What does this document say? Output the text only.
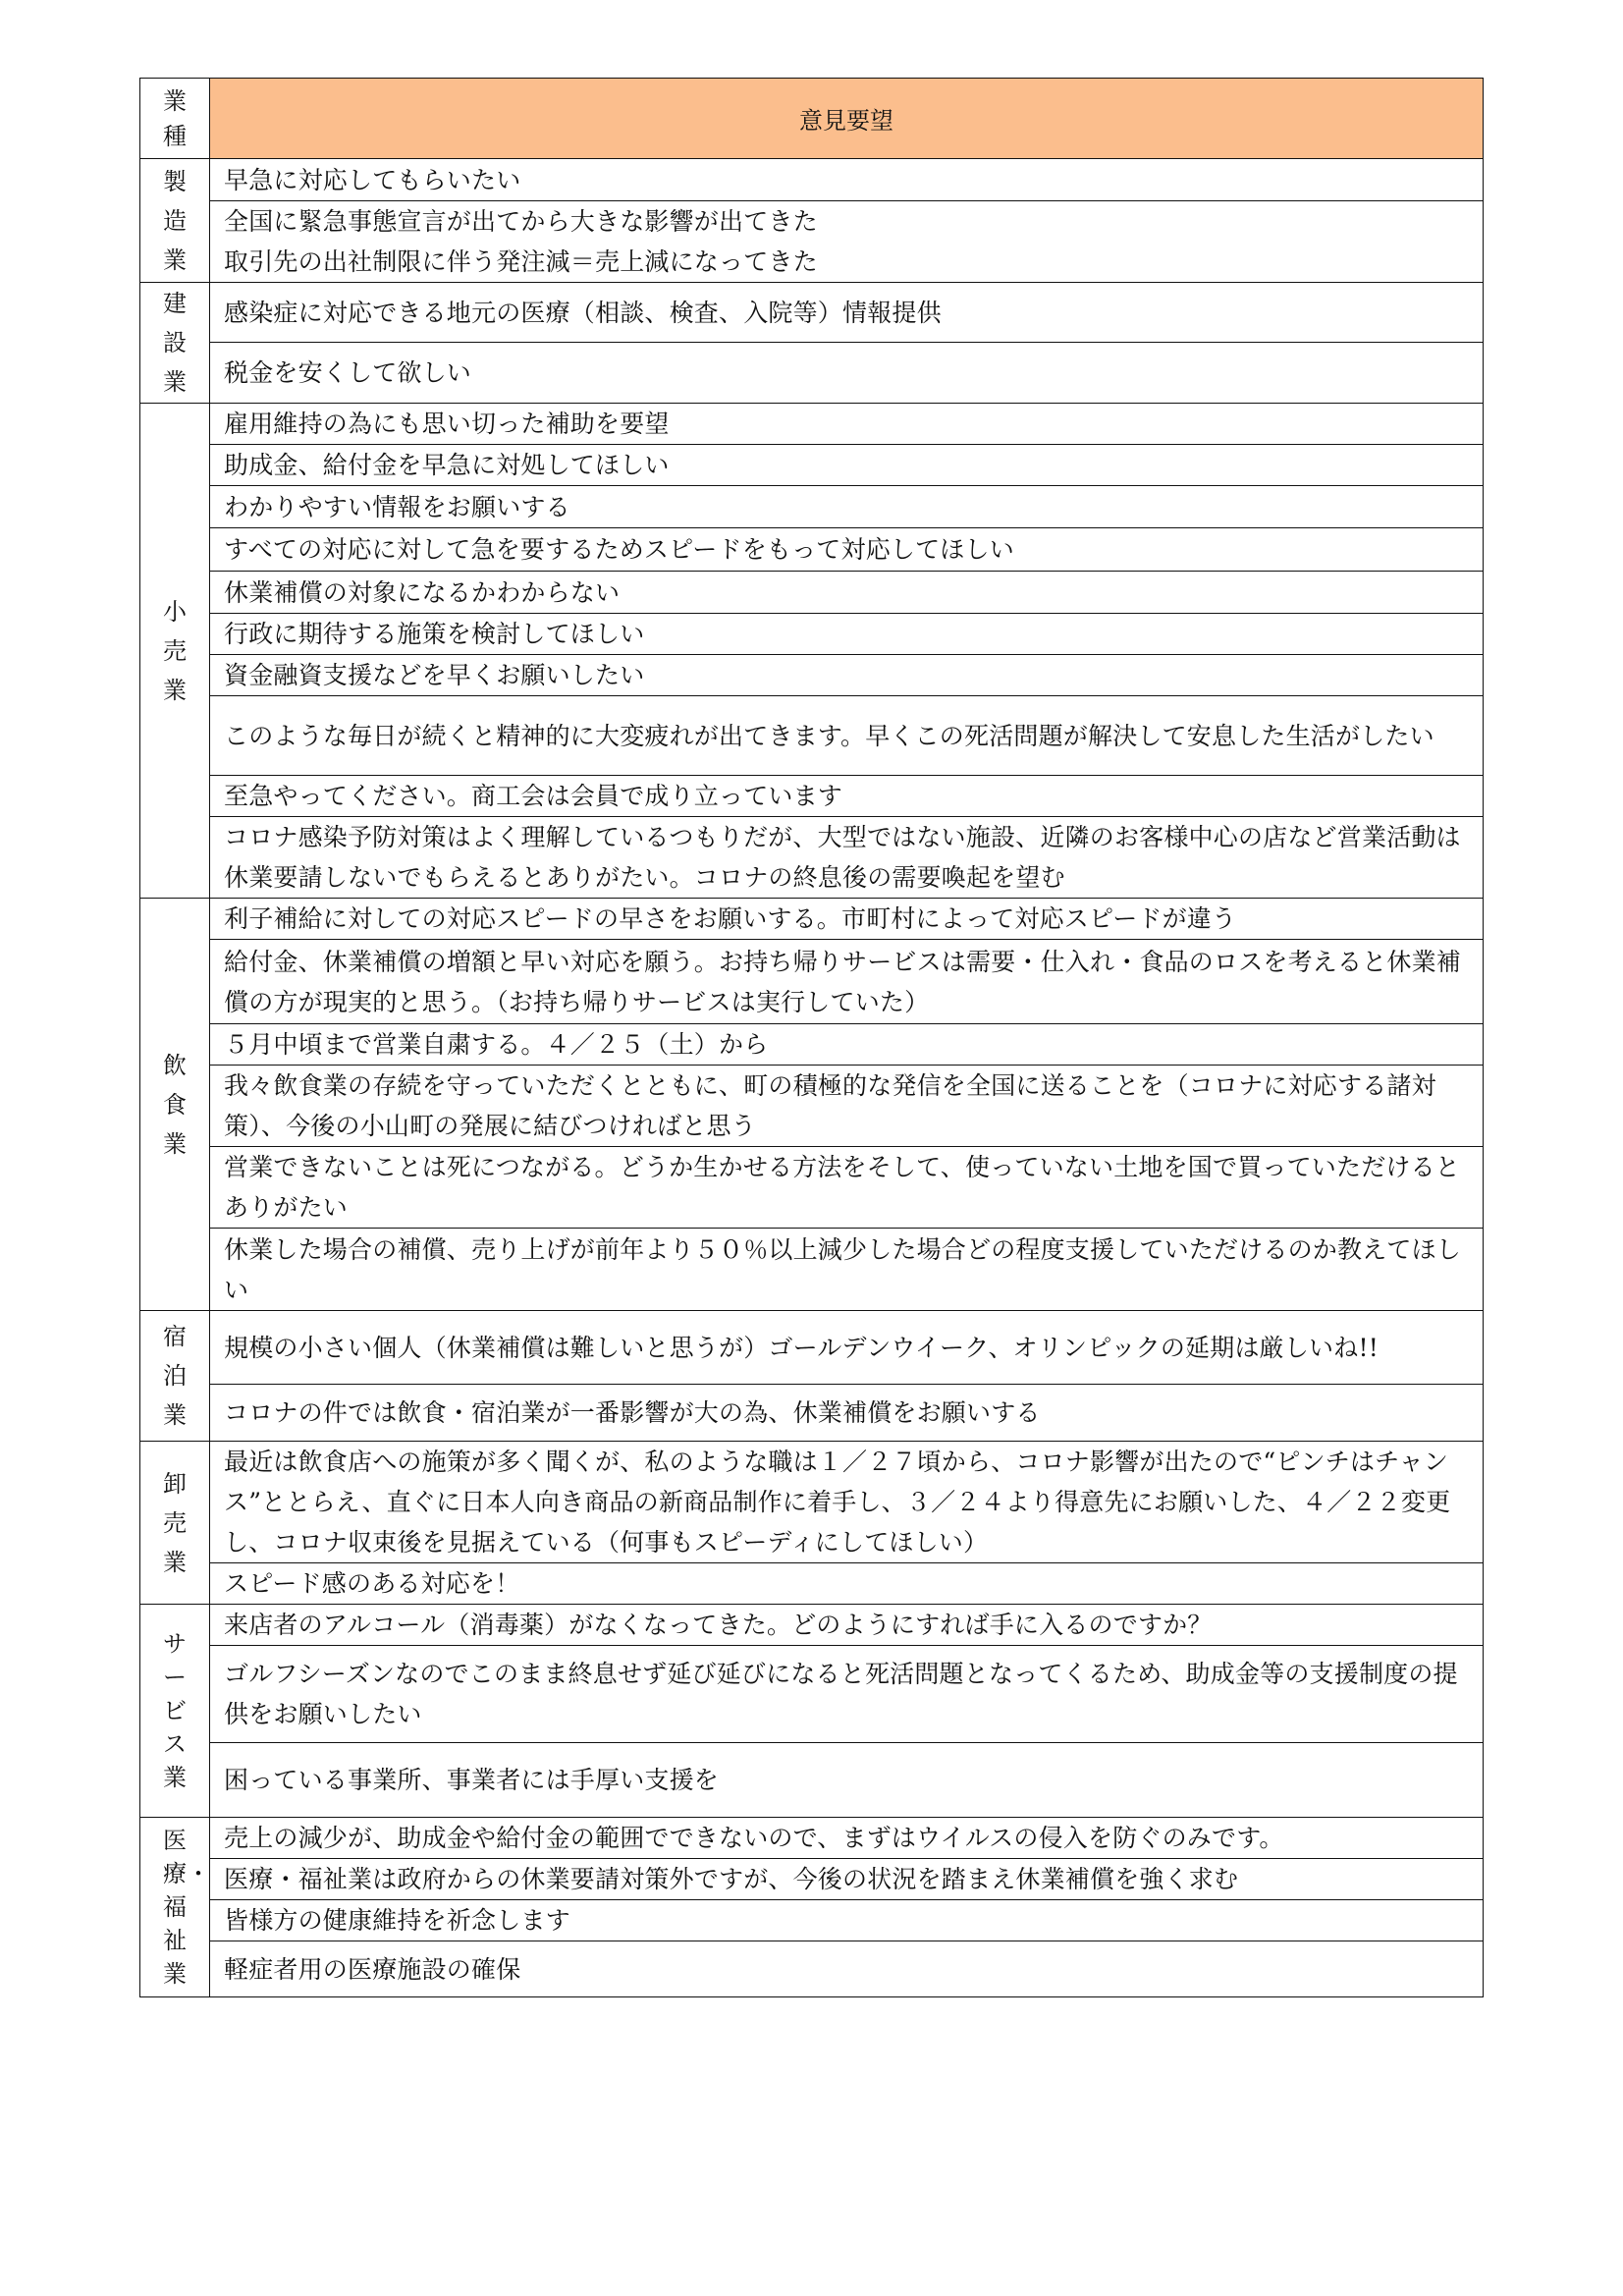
業種	意見要望

製造業	早急に対応してもらいたい
	全国に緊急事態宣言が出てから大きな影響が出てきた
取引先の出社制限に伴う発注減＝売上減になってきた

建設業	感染症に対応できる地元の医療（相談、検査、入院等）情報提供
	税金を安くして欲しい

小売業	雇用維持の為にも思い切った補助を要望
	助成金、給付金を早急に対処してほしい
	わかりやすい情報をお願いする
	すべての対応に対して急を要するためスピードをもって対応してほしい
	休業補償の対象になるかわからない
	行政に期待する施策を検討してほしい
	資金融資支援などを早くお願いしたい
	このような毎日が続くと精神的に大変疲れが出てきます。早くこの死活問題が解決して安息した生活がしたい
	至急やってください。商工会は会員で成り立っています
	コロナ感染予防対策はよく理解しているつもりだが、大型ではない施設、近隣のお客様中心の店など営業活動は休業要請しないでもらえるとありがたい。コロナの終息後の需要喚起を望む

飲食業	利子補給に対しての対応スピードの早さをお願いする。市町村によって対応スピードが違う
	給付金、休業補償の増額と早い対応を願う。お持ち帰りサービスは需要・仕入れ・食品のロスを考えると休業補償の方が現実的と思う。（お持ち帰りサービスは実行していた）
	５月中頃まで営業自粛する。４／２５（土）から
	我々飲食業の存続を守っていただくとともに、町の積極的な発信を全国に送ることを（コロナに対応する諸対策）、今後の小山町の発展に結びつければと思う
	営業できないことは死につながる。どうか生かせる方法をそして、使っていない土地を国で買っていただけるとありがたい
	休業した場合の補償、売り上げが前年より５０％以上減少した場合どの程度支援していただけるのか教えてほしい

宿泊業	規模の小さい個人（休業補償は難しいと思うが）ゴールデンウイーク、オリンピックの延期は厳しいね!!
	コロナの件では飲食・宿泊業が一番影響が大の為、休業補償をお願いする

卸売業	最近は飲食店への施策が多く聞くが、私のような職は１／２７頃から、コロナ影響が出たので“ピンチはチャンス”ととらえ、直ぐに日本人向き商品の新商品制作に着手し、３／２４より得意先にお願いした、４／２２変更し、コロナ収束後を見据えている（何事もスピーディにしてほしい）
	スピード感のある対応を！

サービス業	来店者のアルコール（消毒薬）がなくなってきた。どのようにすれば手に入るのですか？
	ゴルフシーズンなのでこのまま終息せず延び延びになると死活問題となってくるため、助成金等の支援制度の提供をお願いしたい
	困っている事業所、事業者には手厚い支援を

医療・福祉業	売上の減少が、助成金や給付金の範囲でできないので、まずはウイルスの侵入を防ぐのみです。
	医療・福祉業は政府からの休業要請対策外ですが、今後の状況を踏まえ休業補償を強く求む
	皆様方の健康維持を祈念します
	軽症者用の医療施設の確保
